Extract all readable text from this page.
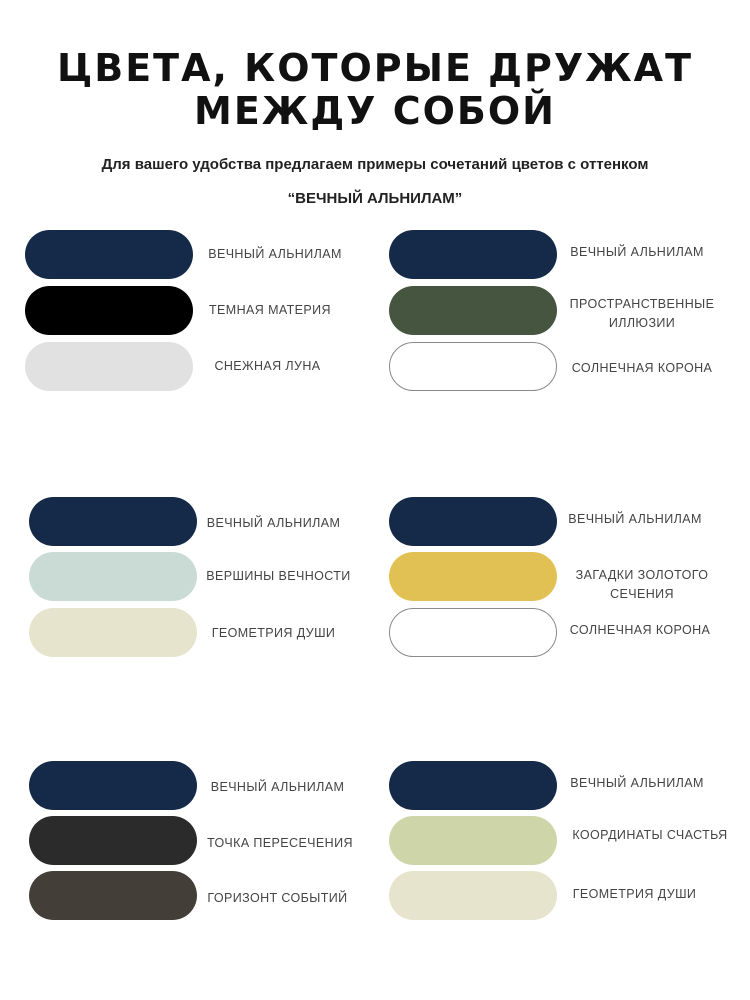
ЦВЕТА, КОТОРЫЕ ДРУЖАТ
МЕЖДУ СОБОЙ
Для вашего удобства предлагаем примеры сочетаний цветов с оттенком
“ВЕЧНЫЙ АЛЬНИЛАМ”
ВЕЧНЫЙ АЛЬНИЛАМ
ТЕМНАЯ МАТЕРИЯ
СНЕЖНАЯ ЛУНА
ВЕЧНЫЙ АЛЬНИЛАМ
ПРОСТРАНСТВЕННЫЕ
ИЛЛЮЗИИ
СОЛНЕЧНАЯ КОРОНА
ВЕЧНЫЙ АЛЬНИЛАМ
ВЕРШИНЫ ВЕЧНОСТИ
ГЕОМЕТРИЯ ДУШИ
ВЕЧНЫЙ АЛЬНИЛАМ
ЗАГАДКИ ЗОЛОТОГО
СЕЧЕНИЯ
СОЛНЕЧНАЯ КОРОНА
ВЕЧНЫЙ АЛЬНИЛАМ
ТОЧКА ПЕРЕСЕЧЕНИЯ
ГОРИЗОНТ СОБЫТИЙ
ВЕЧНЫЙ АЛЬНИЛАМ
КООРДИНАТЫ СЧАСТЬЯ
ГЕОМЕТРИЯ ДУШИ
